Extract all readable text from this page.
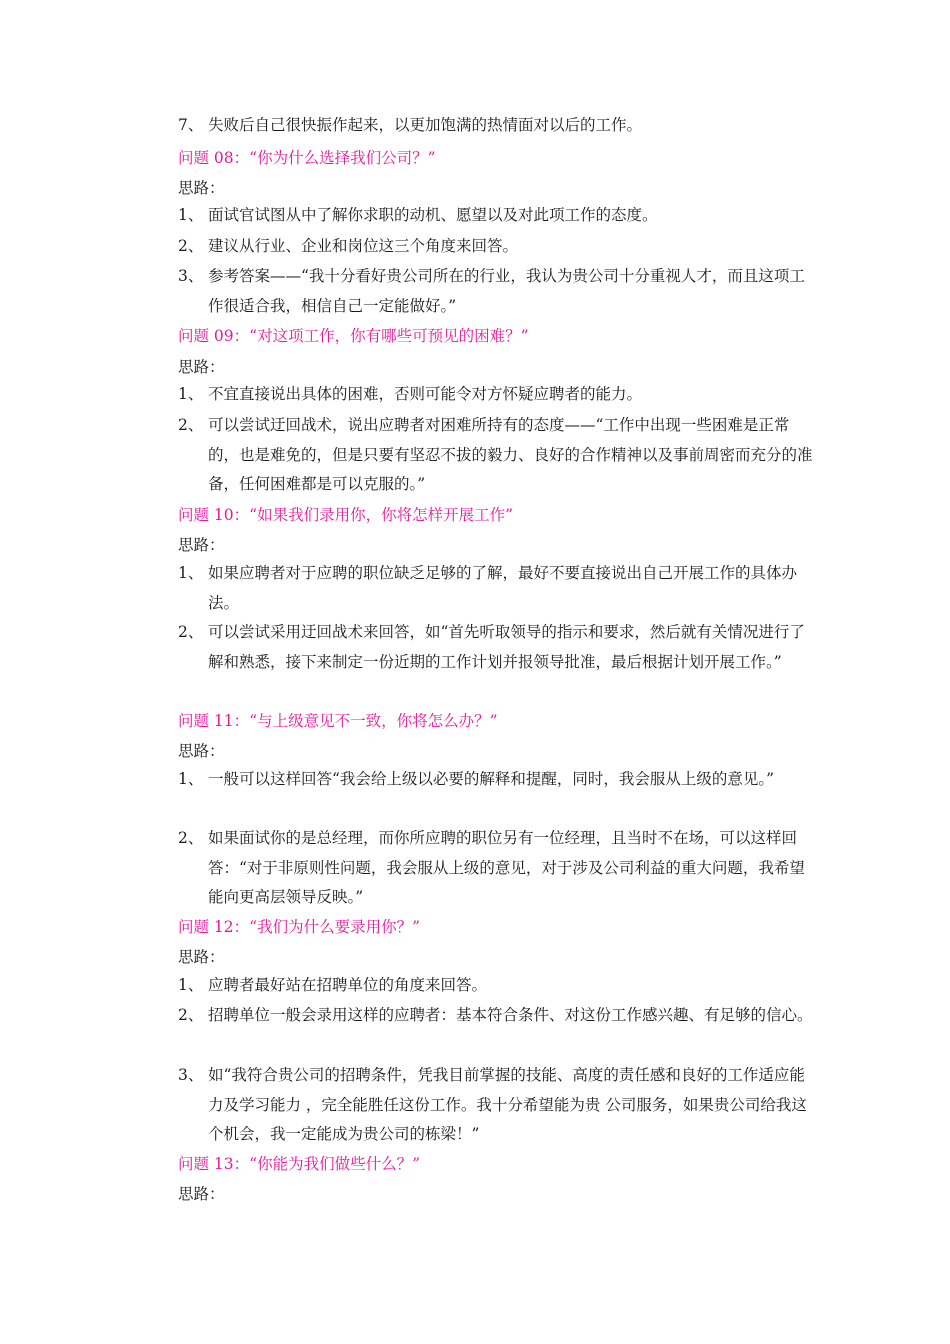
7、 失败后自己很快振作起来，以更加饱满的热情面对以后的工作。
问题 08：“你为什么选择我们公司？”
思路：
1、 面试官试图从中了解你求职的动机、愿望以及对此项工作的态度。
2、 建议从行业、企业和岗位这三个角度来回答。
3、 参考答案——“我十分看好贵公司所在的行业，我认为贵公司十分重视人才，而且这项工作很适合我，相信自己一定能做好。”
问题 09：“对这项工作，你有哪些可预见的困难？”
思路：
1、 不宜直接说出具体的困难，否则可能令对方怀疑应聘者的能力。
2、 可以尝试迂回战术，说出应聘者对困难所持有的态度——“工作中出现一些困难是正常的，也是难免的，但是只要有坚忍不拔的毅力、良好的合作精神以及事前周密而充分的准备，任何困难都是可以克服的。”
问题 10：“如果我们录用你，你将怎样开展工作”
思路：
1、 如果应聘者对于应聘的职位缺乏足够的了解，最好不要直接说出自己开展工作的具体办法。
2、 可以尝试采用迂回战术来回答，如“首先听取领导的指示和要求，然后就有关情况进行了解和熟悉，接下来制定一份近期的工作计划并报领导批准，最后根据计划开展工作。”
问题 11：“与上级意见不一致，你将怎么办？”
思路：
1、 一般可以这样回答“我会给上级以必要的解释和提醒，同时，我会服从上级的意见。”
2、 如果面试你的是总经理，而你所应聘的职位另有一位经理，且当时不在场，可以这样回答：“对于非原则性问题，我会服从上级的意见，对于涉及公司利益的重大问题，我希望能向更高层领导反映。”
问题 12：“我们为什么要录用你？”
思路：
1、 应聘者最好站在招聘单位的角度来回答。
2、 招聘单位一般会录用这样的应聘者：基本符合条件、对这份工作感兴趣、有足够的信心。
3、 如“我符合贵公司的招聘条件，凭我目前掌握的技能、高度的责任感和良好的工作适应能力及学习能力 ，完全能胜任这份工作。我十分希望能为贵 公司服务，如果贵公司给我这个机会，我一定能成为贵公司的栋梁！”
问题 13：“你能为我们做些什么？”
思路：
